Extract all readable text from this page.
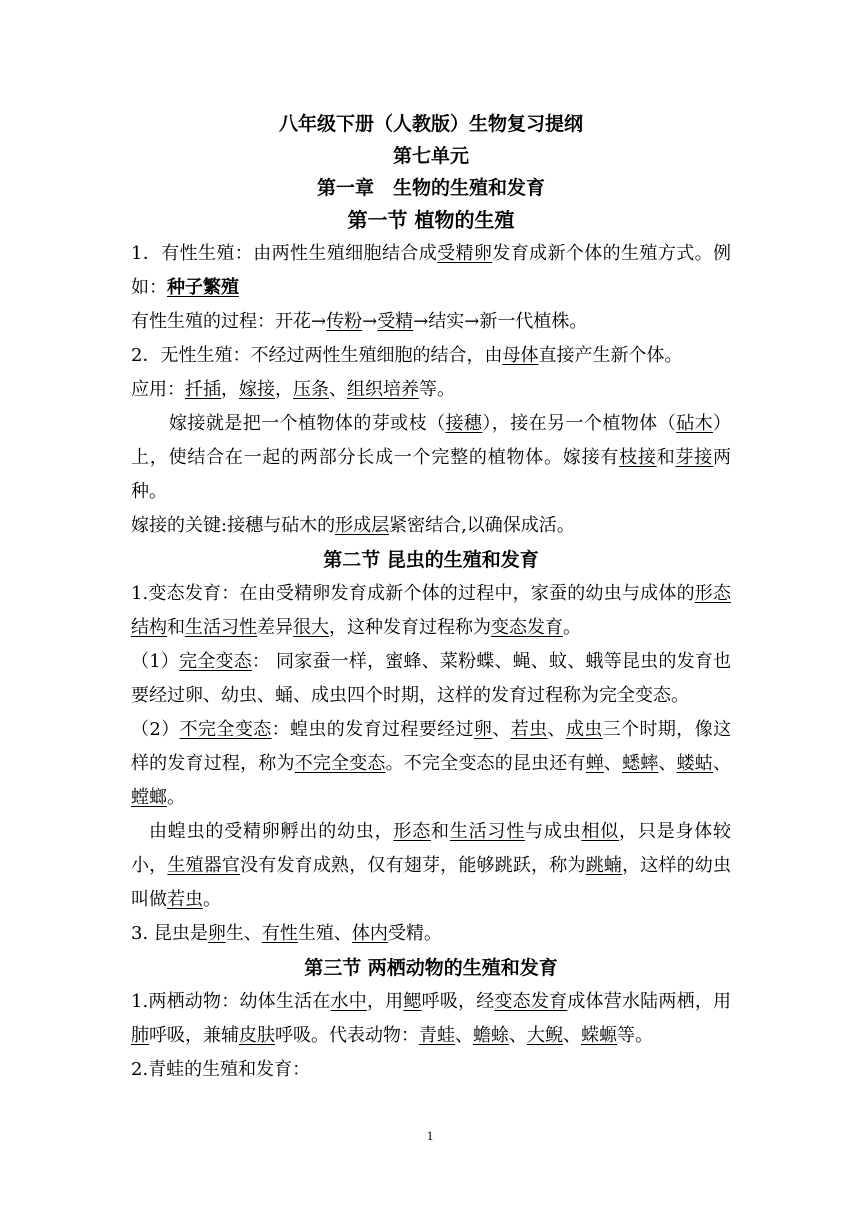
八年级下册（人教版）生物复习提纲
第七单元
第一章　生物的生殖和发育
第一节 植物的生殖

1．有性生殖：由两性生殖细胞结合成受精卵发育成新个体的生殖方式。例如：种子繁殖

有性生殖的过程：开花→传粉→受精→结实→新一代植株。

2．无性生殖：不经过两性生殖细胞的结合，由母体直接产生新个体。

应用：扦插，嫁接，压条、组织培养等。

嫁接就是把一个植物体的芽或枝（接穗），接在另一个植物体（砧木）上，使结合在一起的两部分长成一个完整的植物体。嫁接有枝接和芽接两种。

嫁接的关键:接穗与砧木的形成层紧密结合,以确保成活。

第二节 昆虫的生殖和发育

1.变态发育：在由受精卵发育成新个体的过程中，家蚕的幼虫与成体的形态结构和生活习性差异很大，这种发育过程称为变态发育。

（1）完全变态： 同家蚕一样，蜜蜂、菜粉蝶、蝇、蚊、蛾等昆虫的发育也要经过卵、幼虫、蛹、成虫四个时期，这样的发育过程称为完全变态。

（2）不完全变态：蝗虫的发育过程要经过卵、若虫、成虫三个时期，像这样的发育过程，称为不完全变态。不完全变态的昆虫还有蝉、蟋蟀、蝼蛄、螳螂。

由蝗虫的受精卵孵出的幼虫，形态和生活习性与成虫相似，只是身体较小，生殖器官没有发育成熟，仅有翅芽，能够跳跃，称为跳蝻，这样的幼虫叫做若虫。

3. 昆虫是卵生、有性生殖、体内受精。

第三节 两栖动物的生殖和发育

1.两栖动物：幼体生活在水中，用鳃呼吸，经变态发育成体营水陆两栖，用肺呼吸，兼辅皮肤呼吸。代表动物：青蛙、蟾蜍、大鲵、蝾螈等。

2.青蛙的生殖和发育：

1
